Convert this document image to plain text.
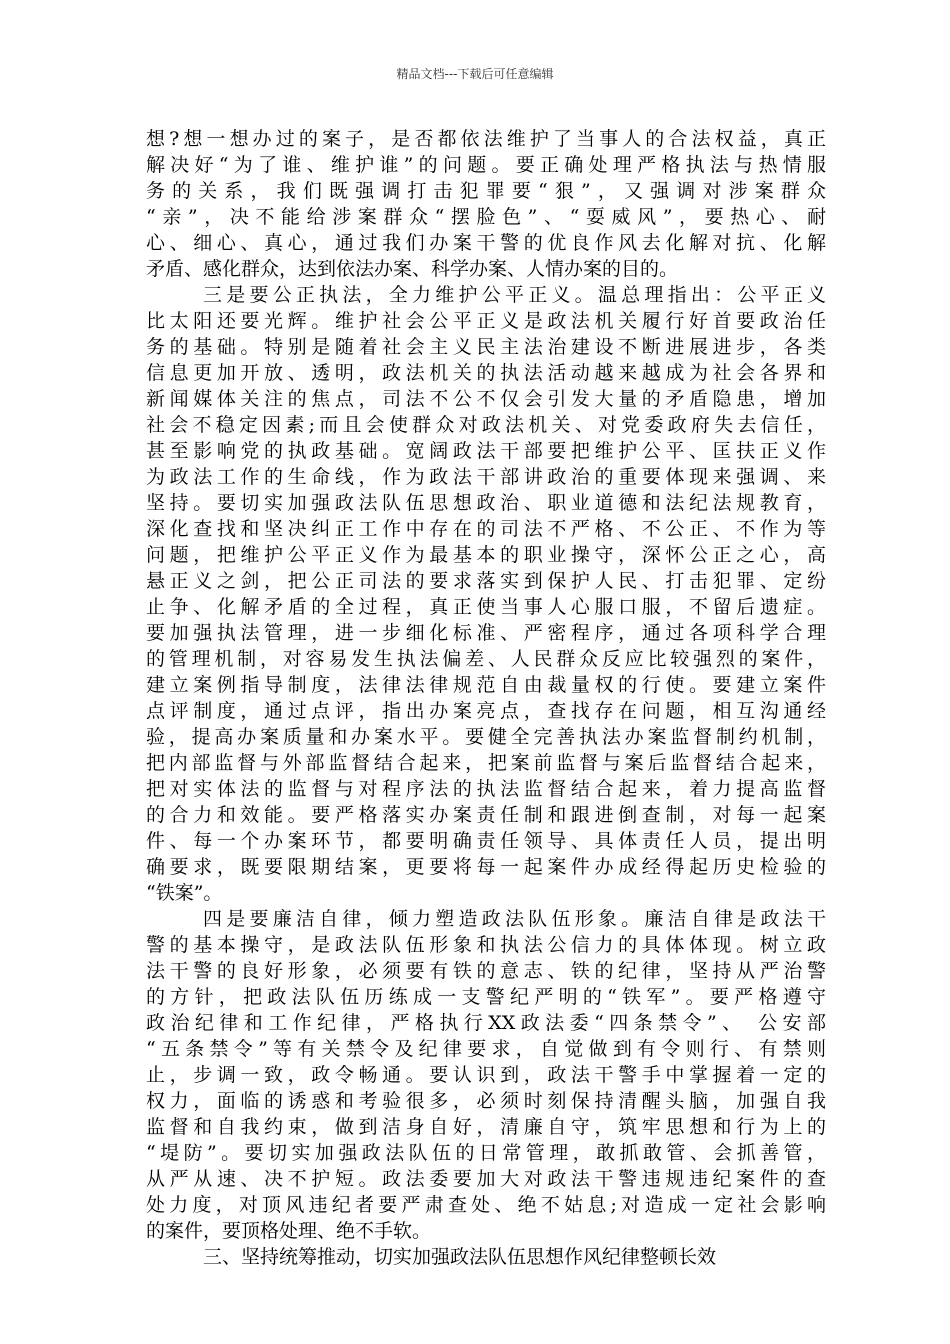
精品文档---下载后可任意编辑
想?想一想办过的案子，是否都依法维护了当事人的合法权益，真正
解决好“为了谁、维护谁”的问题。要正确处理严格执法与热情服
务的关系，我们既强调打击犯罪要“狠”，又强调对涉案群众
“亲”，决不能给涉案群众“摆脸色”、“耍威风”，要热心、耐
心、细心、真心，通过我们办案干警的优良作风去化解对抗、化解
矛盾、感化群众，达到依法办案、科学办案、人情办案的目的。
三是要公正执法，全力维护公平正义。温总理指出：公平正义
比太阳还要光辉。维护社会公平正义是政法机关履行好首要政治任
务的基础。特别是随着社会主义民主法治建设不断进展进步，各类
信息更加开放、透明，政法机关的执法活动越来越成为社会各界和
新闻媒体关注的焦点，司法不公不仅会引发大量的矛盾隐患，增加
社会不稳定因素;而且会使群众对政法机关、对党委政府失去信任，
甚至影响党的执政基础。宽阔政法干部要把维护公平、匡扶正义作
为政法工作的生命线，作为政法干部讲政治的重要体现来强调、来
坚持。要切实加强政法队伍思想政治、职业道德和法纪法规教育，
深化查找和坚决纠正工作中存在的司法不严格、不公正、不作为等
问题，把维护公平正义作为最基本的职业操守，深怀公正之心，高
悬正义之剑，把公正司法的要求落实到保护人民、打击犯罪、定纷
止争、化解矛盾的全过程，真正使当事人心服口服，不留后遗症。
要加强执法管理，进一步细化标准、严密程序，通过各项科学合理
的管理机制，对容易发生执法偏差、人民群众反应比较强烈的案件，
建立案例指导制度，法律法律规范自由裁量权的行使。要建立案件
点评制度，通过点评，指出办案亮点，查找存在问题，相互沟通经
验，提高办案质量和办案水平。要健全完善执法办案监督制约机制，
把内部监督与外部监督结合起来，把案前监督与案后监督结合起来，
把对实体法的监督与对程序法的执法监督结合起来，着力提高监督
的合力和效能。要严格落实办案责任制和跟进倒查制，对每一起案
件、每一个办案环节，都要明确责任领导、具体责任人员，提出明
确要求，既要限期结案，更要将每一起案件办成经得起历史检验的
“铁案”。
四是要廉洁自律，倾力塑造政法队伍形象。廉洁自律是政法干
警的基本操守，是政法队伍形象和执法公信力的具体体现。树立政
法干警的良好形象，必须要有铁的意志、铁的纪律，坚持从严治警
的方针，把政法队伍历练成一支警纪严明的“铁军”。要严格遵守
政治纪律和工作纪律，严格执行XX政法委“四条禁令”、 公安部
“五条禁令”等有关禁令及纪律要求，自觉做到有令则行、有禁则
止，步调一致，政令畅通。要认识到，政法干警手中掌握着一定的
权力，面临的诱惑和考验很多，必须时刻保持清醒头脑，加强自我
监督和自我约束，做到洁身自好，清廉自守，筑牢思想和行为上的
“堤防”。要切实加强政法队伍的日常管理，敢抓敢管、会抓善管，
从严从速、决不护短。政法委要加大对政法干警违规违纪案件的查
处力度，对顶风违纪者要严肃查处、绝不姑息;对造成一定社会影响
的案件，要顶格处理、绝不手软。
三、坚持统筹推动，切实加强政法队伍思想作风纪律整顿长效
